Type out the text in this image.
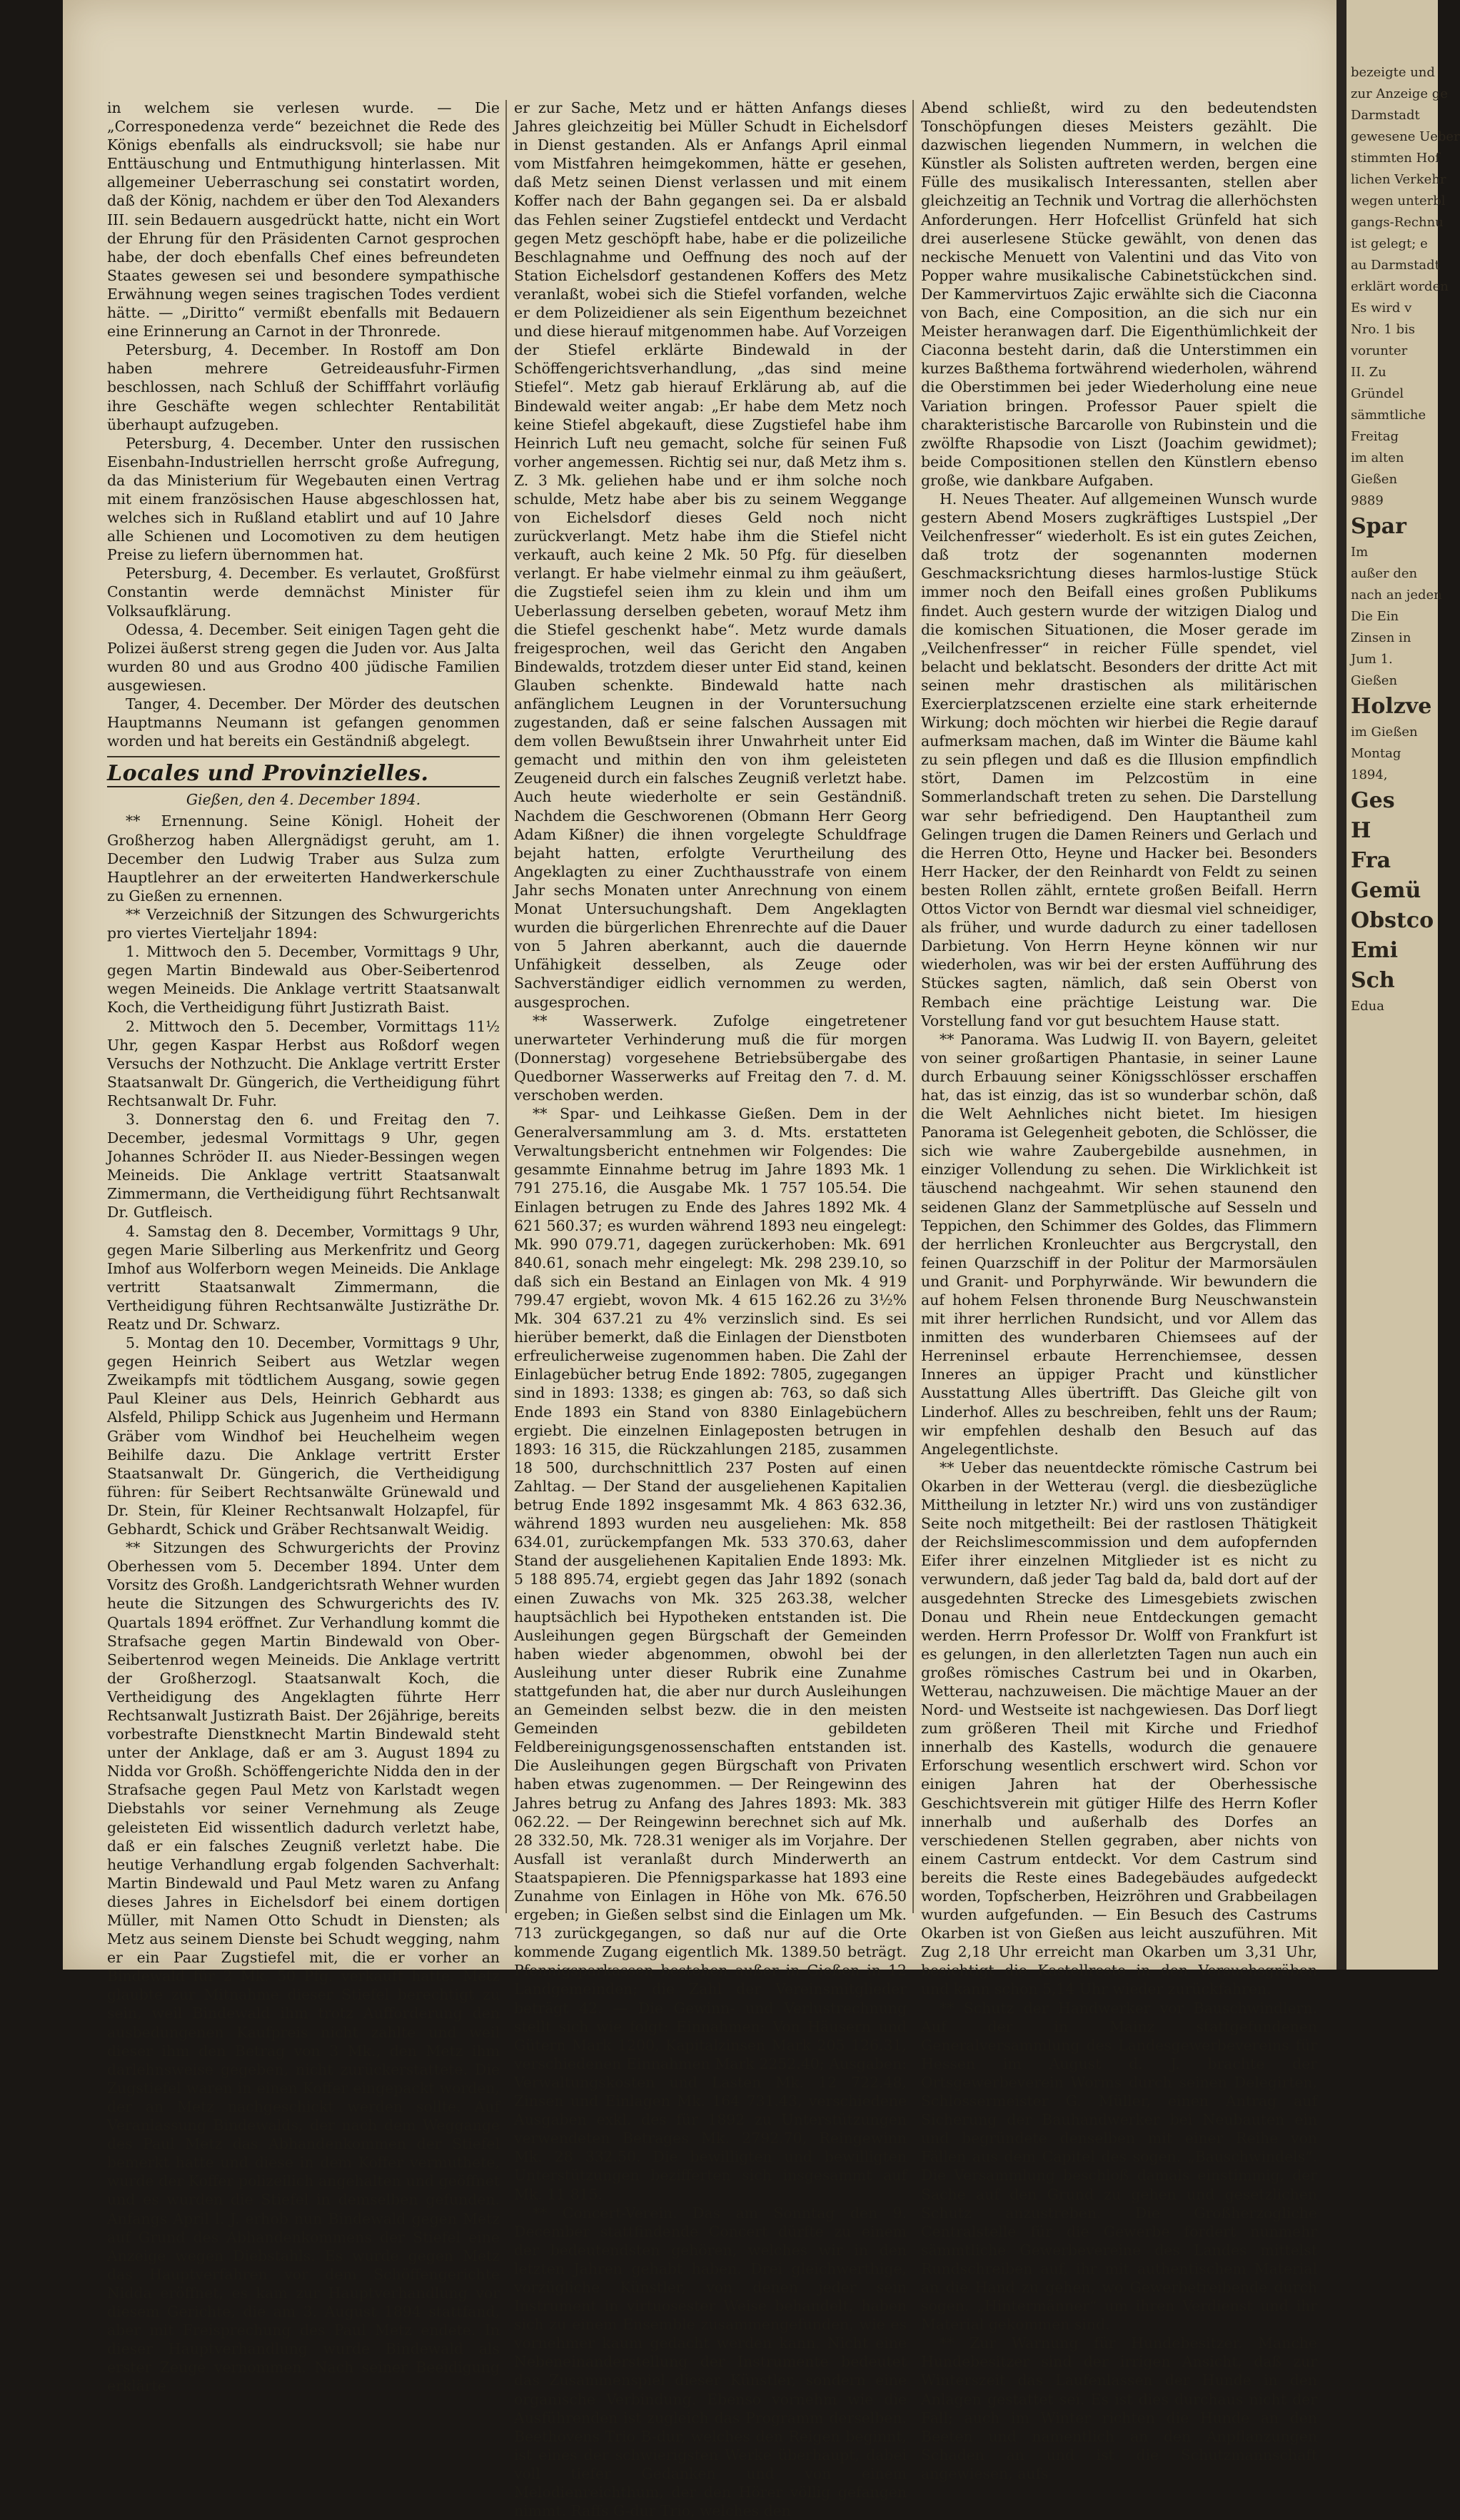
in welchem sie verlesen wurde. — Die „Corresponedenza verde“ bezeichnet die Rede des Königs ebenfalls als eindrucksvoll; sie habe nur Enttäuschung und Entmuthigung hinterlassen. Mit allgemeiner Ueberraschung sei constatirt worden, daß der König, nachdem er über den Tod Alexanders III. sein Bedauern ausgedrückt hatte, nicht ein Wort der Ehrung für den Präsidenten Carnot gesprochen habe, der doch ebenfalls Chef eines befreundeten Staates gewesen sei und besondere sympathische Erwähnung wegen seines tragischen Todes verdient hätte. — „Diritto“ vermißt ebenfalls mit Bedauern eine Erinnerung an Carnot in der Thronrede.

Petersburg, 4. December. In Rostoff am Don haben mehrere Getreideausfuhr-Firmen beschlossen, nach Schluß der Schifffahrt vorläufig ihre Geschäfte wegen schlechter Rentabilität überhaupt aufzugeben.

Petersburg, 4. December. Unter den russischen Eisenbahn-Industriellen herrscht große Aufregung, da das Ministerium für Wegebauten einen Vertrag mit einem französischen Hause abgeschlossen hat, welches sich in Rußland etablirt und auf 10 Jahre alle Schienen und Locomotiven zu dem heutigen Preise zu liefern übernommen hat.

Petersburg, 4. December. Es verlautet, Großfürst Constantin werde demnächst Minister für Volksaufklärung.

Odessa, 4. December. Seit einigen Tagen geht die Polizei äußerst streng gegen die Juden vor. Aus Jalta wurden 80 und aus Grodno 400 jüdische Familien ausgewiesen.

Tanger, 4. December. Der Mörder des deutschen Hauptmanns Neumann ist gefangen genommen worden und hat bereits ein Geständniß abgelegt.

Locales und Provinzielles.
Gießen, den 4. December 1894.

** Ernennung. Seine Königl. Hoheit der Großherzog haben Allergnädigst geruht, am 1. December den Ludwig Traber aus Sulza zum Hauptlehrer an der erweiterten Handwerkerschule zu Gießen zu ernennen.

** Verzeichniß der Sitzungen des Schwurgerichts pro viertes Vierteljahr 1894:

1. Mittwoch den 5. December, Vormittags 9 Uhr, gegen Martin Bindewald aus Ober-Seibertenrod wegen Meineids. Die Anklage vertritt Staatsanwalt Koch, die Vertheidigung führt Justizrath Baist.

2. Mittwoch den 5. December, Vormittags 11½ Uhr, gegen Kaspar Herbst aus Roßdorf wegen Versuchs der Nothzucht. Die Anklage vertritt Erster Staatsanwalt Dr. Güngerich, die Vertheidigung führt Rechtsanwalt Dr. Fuhr.

3. Donnerstag den 6. und Freitag den 7. December, jedesmal Vormittags 9 Uhr, gegen Johannes Schröder II. aus Nieder-Bessingen wegen Meineids. Die Anklage vertritt Staatsanwalt Zimmermann, die Vertheidigung führt Rechtsanwalt Dr. Gutfleisch.

4. Samstag den 8. December, Vormittags 9 Uhr, gegen Marie Silberling aus Merkenfritz und Georg Imhof aus Wolferborn wegen Meineids. Die Anklage vertritt Staatsanwalt Zimmermann, die Vertheidigung führen Rechtsanwälte Justizräthe Dr. Reatz und Dr. Schwarz.

5. Montag den 10. December, Vormittags 9 Uhr, gegen Heinrich Seibert aus Wetzlar wegen Zweikampfs mit tödtlichem Ausgang, sowie gegen Paul Kleiner aus Dels, Heinrich Gebhardt aus Alsfeld, Philipp Schick aus Jugenheim und Hermann Gräber vom Windhof bei Heuchelheim wegen Beihilfe dazu. Die Anklage vertritt Erster Staatsanwalt Dr. Güngerich, die Vertheidigung führen: für Seibert Rechtsanwälte Grünewald und Dr. Stein, für Kleiner Rechtsanwalt Holzapfel, für Gebhardt, Schick und Gräber Rechtsanwalt Weidig.

** Sitzungen des Schwurgerichts der Provinz Oberhessen vom 5. December 1894. Unter dem Vorsitz des Großh. Landgerichtsrath Wehner wurden heute die Sitzungen des Schwurgerichts des IV. Quartals 1894 eröffnet. Zur Verhandlung kommt die Strafsache gegen Martin Bindewald von Ober-Seibertenrod wegen Meineids. Die Anklage vertritt der Großherzogl. Staatsanwalt Koch, die Vertheidigung des Angeklagten führte Herr Rechtsanwalt Justizrath Baist. Der 26jährige, bereits vorbestrafte Dienstknecht Martin Bindewald steht unter der Anklage, daß er am 3. August 1894 zu Nidda vor Großh. Schöffengerichte Nidda den in der Strafsache gegen Paul Metz von Karlstadt wegen Diebstahls vor seiner Vernehmung als Zeuge geleisteten Eid wissentlich dadurch verletzt habe, daß er ein falsches Zeugniß verletzt habe. Die heutige Verhandlung ergab folgenden Sachverhalt: Martin Bindewald und Paul Metz waren zu Anfang dieses Jahres in Eichelsdorf bei einem dortigen Müller, mit Namen Otto Schudt in Diensten; als Metz aus seinem Dienste bei Schudt wegging, nahm er ein Paar Zugstiefel mit, die er vorher an Bindewald für 2 Mk. 50 Pfg. verkauft hatte. Metz glaubte zur Mitnahme dieser Stiefel berechtigt zu sein, weil Bindewald ihm trotz Aufforderung den ausbedungenen Kaufpreis nicht zahlte und weil dieser ihm den Betrag von 3 Mk., den Metz ihm darlehnsweise gegeben, nicht zurückerstattete. Die Zugstiefel waren in einen Koffer eingepackt worden, der an Metz nachgeschickt werden sollte. Auf Veranlassung Bindewalds, der nach dem Weggange des Paul Metz das Abhandenkommen der Stiefel bemerkt hatte und diese in dem Koffer vermuthete, wurde der Koffer polizeilich angehalten und geöffnet und es wurden die Stiefel in demselben gefunden. Anfangs April l. J. erhob nun Bindewald gegen Metz auf Grund des Abhandenkommens der Stiefel eine Anzeige wegen Diebstahls. Es wurde gegen Metz das Hauptverfahren vor dem Schöffengerichte Nidda eröffnet, es kam zur Hauptverhandlung vor diesem Gerichte, die am 3. August 1894 stattfand, aber mit Freisprechung des Paul Metz endete. In dieser Hauptverhandlung wurde Bindewald als erster Zeuge vernommen. Nach seiner Beeidigung erklärte

er zur Sache, Metz und er hätten Anfangs dieses Jahres gleichzeitig bei Müller Schudt in Eichelsdorf in Dienst gestanden. Als er Anfangs April einmal vom Mistfahren heimgekommen, hätte er gesehen, daß Metz seinen Dienst verlassen und mit einem Koffer nach der Bahn gegangen sei. Da er alsbald das Fehlen seiner Zugstiefel entdeckt und Verdacht gegen Metz geschöpft habe, habe er die polizeiliche Beschlagnahme und Oeffnung des noch auf der Station Eichelsdorf gestandenen Koffers des Metz veranlaßt, wobei sich die Stiefel vorfanden, welche er dem Polizeidiener als sein Eigenthum bezeichnet und diese hierauf mitgenommen habe. Auf Vorzeigen der Stiefel erklärte Bindewald in der Schöffengerichtsverhandlung, „das sind meine Stiefel“. Metz gab hierauf Erklärung ab, auf die Bindewald weiter angab: „Er habe dem Metz noch keine Stiefel abgekauft, diese Zugstiefel habe ihm Heinrich Luft neu gemacht, solche für seinen Fuß vorher angemessen. Richtig sei nur, daß Metz ihm s. Z. 3 Mk. geliehen habe und er ihm solche noch schulde, Metz habe aber bis zu seinem Weggange von Eichelsdorf dieses Geld noch nicht zurückverlangt. Metz habe ihm die Stiefel nicht verkauft, auch keine 2 Mk. 50 Pfg. für dieselben verlangt. Er habe vielmehr einmal zu ihm geäußert, die Zugstiefel seien ihm zu klein und ihm um Ueberlassung derselben gebeten, worauf Metz ihm die Stiefel geschenkt habe“. Metz wurde damals freigesprochen, weil das Gericht den Angaben Bindewalds, trotzdem dieser unter Eid stand, keinen Glauben schenkte. Bindewald hatte nach anfänglichem Leugnen in der Voruntersuchung zugestanden, daß er seine falschen Aussagen mit dem vollen Bewußtsein ihrer Unwahrheit unter Eid gemacht und mithin den von ihm geleisteten Zeugeneid durch ein falsches Zeugniß verletzt habe. Auch heute wiederholte er sein Geständniß. Nachdem die Geschworenen (Obmann Herr Georg Adam Kißner) die ihnen vorgelegte Schuldfrage bejaht hatten, erfolgte Verurtheilung des Angeklagten zu einer Zuchthausstrafe von einem Jahr sechs Monaten unter Anrechnung von einem Monat Untersuchungshaft. Dem Angeklagten wurden die bürgerlichen Ehrenrechte auf die Dauer von 5 Jahren aberkannt, auch die dauernde Unfähigkeit desselben, als Zeuge oder Sachverständiger eidlich vernommen zu werden, ausgesprochen.

** Wasserwerk. Zufolge eingetretener unerwarteter Verhinderung muß die für morgen (Donnerstag) vorgesehene Betriebsübergabe des Quedborner Wasserwerks auf Freitag den 7. d. M. verschoben werden.

** Spar- und Leihkasse Gießen. Dem in der Generalversammlung am 3. d. Mts. erstatteten Verwaltungsbericht entnehmen wir Folgendes: Die gesammte Einnahme betrug im Jahre 1893 Mk. 1 791 275.16, die Ausgabe Mk. 1 757 105.54. Die Einlagen betrugen zu Ende des Jahres 1892 Mk. 4 621 560.37; es wurden während 1893 neu eingelegt: Mk. 990 079.71, dagegen zurückerhoben: Mk. 691 840.61, sonach mehr eingelegt: Mk. 298 239.10, so daß sich ein Bestand an Einlagen von Mk. 4 919 799.47 ergiebt, wovon Mk. 4 615 162.26 zu 3½% Mk. 304 637.21 zu 4% verzinslich sind. Es sei hierüber bemerkt, daß die Einlagen der Dienstboten erfreulicherweise zugenommen haben. Die Zahl der Einlagebücher betrug Ende 1892: 7805, zugegangen sind in 1893: 1338; es gingen ab: 763, so daß sich Ende 1893 ein Stand von 8380 Einlagebüchern ergiebt. Die einzelnen Einlageposten betrugen in 1893: 16 315, die Rückzahlungen 2185, zusammen 18 500, durchschnittlich 237 Posten auf einen Zahltag. — Der Stand der ausgeliehenen Kapitalien betrug Ende 1892 insgesammt Mk. 4 863 632.36, während 1893 wurden neu ausgeliehen: Mk. 858 634.01, zurückempfangen Mk. 533 370.63, daher Stand der ausgeliehenen Kapitalien Ende 1893: Mk. 5 188 895.74, ergiebt gegen das Jahr 1892 (sonach einen Zuwachs von Mk. 325 263.38, welcher hauptsächlich bei Hypotheken entstanden ist. Die Ausleihungen gegen Bürgschaft der Gemeinden haben wieder abgenommen, obwohl bei der Ausleihung unter dieser Rubrik eine Zunahme stattgefunden hat, die aber nur durch Ausleihungen an Gemeinden selbst bezw. die in den meisten Gemeinden gebildeten Feldbereinigungsgenossenschaften entstanden ist. Die Ausleihungen gegen Bürgschaft von Privaten haben etwas zugenommen. — Der Reingewinn des Jahres betrug zu Anfang des Jahres 1893: Mk. 383 062.22. — Der Reingewinn berechnet sich auf Mk. 28 332.50, Mk. 728.31 weniger als im Vorjahre. Der Ausfall ist veranlaßt durch Minderwerth an Staatspapieren. Die Pfennigsparkasse hat 1893 eine Zunahme von Einlagen in Höhe von Mk. 676.50 ergeben; in Gießen selbst sind die Einlagen um Mk. 713 zurückgegangen, so daß nur auf die Orte kommende Zugang eigentlich Mk. 1389.50 beträgt. Pfennigsparkassen bestehen außer in Gießen in 12 Landgemeinden; die Zahl der Vereinsmitglieder beträgt 42. — Die Gewinn- und Verlustrechnung stellt sich wie folgt: Einnahmen: Von Häusern und Gütern Mark 1200, Kapitalzinsen Mark 205 126.31, verschiedenen Einnahmen Mark 2252.40; Ausgaben: Verwaltungskosten und Lasten Mk. 12 722.48, Zinsen und Einlagen Mk. 164 731.43, verschiedene Ausgaben exkl. des für 1892 zu Unterstützungen verwendeten Betrages Mk. 2792.70, Reingewinn Mk. 28 332.50. Die bewilligten und bewilligten Unterstützungen bezifferten sich insgesammt auf Mk. 11 815.

** Concert-Verein. Das am Sonntag den 9. December stattfindende Concert dürfte zu einem der bedeutendsten gehören, welches wir in den letzten Jahren gehabt haben. Drei gleichwerthige, vorzügliche Künstler, von denen jeder sein Instrument in virtuosester Weise behandelt, haben sich zu einem Ensemble zusammengefunden, wie es vornehmer kaum gedacht werden kann. Nicht eine Nebeneinanderstellung der Instrumente bedeutet das Zusammenspiel dieser Künstler, sondern eine organische Verbindung. Ebenso vornehm wie die Ausführenden ist zugleich das Programm derselben. Beethovens Trio B-dur, welches den Reigen beginnt, ist eines der schwierigsten Werke überhaupt, dabei voll tiefer Gedanken und von einem Melodienreichthum, der den Hörer völlig gefangen nimmt. Raffs G-dur Trio, welches den

Abend schließt, wird zu den bedeutendsten Tonschöpfungen dieses Meisters gezählt. Die dazwischen liegenden Nummern, in welchen die Künstler als Solisten auftreten werden, bergen eine Fülle des musikalisch Interessanten, stellen aber gleichzeitig an Technik und Vortrag die allerhöchsten Anforderungen. Herr Hofcellist Grünfeld hat sich drei auserlesene Stücke gewählt, von denen das neckische Menuett von Valentini und das Vito von Popper wahre musikalische Cabinetstückchen sind. Der Kammervirtuos Zajic erwählte sich die Ciaconna von Bach, eine Composition, an die sich nur ein Meister heranwagen darf. Die Eigenthümlichkeit der Ciaconna besteht darin, daß die Unterstimmen ein kurzes Baßthema fortwährend wiederholen, während die Oberstimmen bei jeder Wiederholung eine neue Variation bringen. Professor Pauer spielt die charakteristische Barcarolle von Rubinstein und die zwölfte Rhapsodie von Liszt (Joachim gewidmet); beide Compositionen stellen den Künstlern ebenso große, wie dankbare Aufgaben.

H. Neues Theater. Auf allgemeinen Wunsch wurde gestern Abend Mosers zugkräftiges Lustspiel „Der Veilchenfresser“ wiederholt. Es ist ein gutes Zeichen, daß trotz der sogenannten modernen Geschmacksrichtung dieses harmlos-lustige Stück immer noch den Beifall eines großen Publikums findet. Auch gestern wurde der witzigen Dialog und die komischen Situationen, die Moser gerade im „Veilchenfresser“ in reicher Fülle spendet, viel belacht und beklatscht. Besonders der dritte Act mit seinen mehr drastischen als militärischen Exercierplatzscenen erzielte eine stark erheiternde Wirkung; doch möchten wir hierbei die Regie darauf aufmerksam machen, daß im Winter die Bäume kahl zu sein pflegen und daß es die Illusion empfindlich stört, Damen im Pelzcostüm in eine Sommerlandschaft treten zu sehen. Die Darstellung war sehr befriedigend. Den Hauptantheil zum Gelingen trugen die Damen Reiners und Gerlach und die Herren Otto, Heyne und Hacker bei. Besonders Herr Hacker, der den Reinhardt von Feldt zu seinen besten Rollen zählt, erntete großen Beifall. Herrn Ottos Victor von Berndt war diesmal viel schneidiger, als früher, und wurde dadurch zu einer tadellosen Darbietung. Von Herrn Heyne können wir nur wiederholen, was wir bei der ersten Aufführung des Stückes sagten, nämlich, daß sein Oberst von Rembach eine prächtige Leistung war. Die Vorstellung fand vor gut besuchtem Hause statt.

** Panorama. Was Ludwig II. von Bayern, geleitet von seiner großartigen Phantasie, in seiner Laune durch Erbauung seiner Königsschlösser erschaffen hat, das ist einzig, das ist so wunderbar schön, daß die Welt Aehnliches nicht bietet. Im hiesigen Panorama ist Gelegenheit geboten, die Schlösser, die sich wie wahre Zaubergebilde ausnehmen, in einziger Vollendung zu sehen. Die Wirklichkeit ist täuschend nachgeahmt. Wir sehen staunend den seidenen Glanz der Sammetplüsche auf Sesseln und Teppichen, den Schimmer des Goldes, das Flimmern der herrlichen Kronleuchter aus Bergcrystall, den feinen Quarzschiff in der Politur der Marmorsäulen und Granit- und Porphyrwände. Wir bewundern die auf hohem Felsen thronende Burg Neuschwanstein mit ihrer herrlichen Rundsicht, und vor Allem das inmitten des wunderbaren Chiemsees auf der Herreninsel erbaute Herrenchiemsee, dessen Inneres an üppiger Pracht und künstlicher Ausstattung Alles übertrifft. Das Gleiche gilt von Linderhof. Alles zu beschreiben, fehlt uns der Raum; wir empfehlen deshalb den Besuch auf das Angelegentlichste.

** Ueber das neuentdeckte römische Castrum bei Okarben in der Wetterau (vergl. die diesbezügliche Mittheilung in letzter Nr.) wird uns von zuständiger Seite noch mitgetheilt: Bei der rastlosen Thätigkeit der Reichslimescommission und dem aufopfernden Eifer ihrer einzelnen Mitglieder ist es nicht zu verwundern, daß jeder Tag bald da, bald dort auf der ausgedehnten Strecke des Limesgebiets zwischen Donau und Rhein neue Entdeckungen gemacht werden. Herrn Professor Dr. Wolff von Frankfurt ist es gelungen, in den allerletzten Tagen nun auch ein großes römisches Castrum bei und in Okarben, Wetterau, nachzuweisen. Die mächtige Mauer an der Nord- und Westseite ist nachgewiesen. Das Dorf liegt zum größeren Theil mit Kirche und Friedhof innerhalb des Kastells, wodurch die genauere Erforschung wesentlich erschwert wird. Schon vor einigen Jahren hat der Oberhessische Geschichtsverein mit gütiger Hilfe des Herrn Kofler innerhalb und außerhalb des Dorfes an verschiedenen Stellen gegraben, aber nichts von einem Castrum entdeckt. Vor dem Castrum sind bereits die Reste eines Badegebäudes aufgedeckt worden, Topfscherben, Heizröhren und Grabbeilagen wurden aufgefunden. — Ein Besuch des Castrums Okarben ist von Gießen aus leicht auszuführen. Mit Zug 2,18 Uhr erreicht man Okarben um 3,31 Uhr, besichtigt die Kastellreste in den Versuchsgräben und kann schon 5,14 Uhr wieder zurückfahren.

** Schutz der Handwerker vor Bauschwindlern. Auf der in Mainz stattgefundenen Generalversammlung des Landesgewerbevereins für Hessen im August d. J. brachte der Ortsgewerbeverein Worms durch seinen Delegirten, Schlossermeister G. Müller, einen Antrag auf Sicherung der Bauhandwerker bei Neubauten ein und begründete denselben mit einer Reihe von Fällen aus dem Capitel des sogen. „Bauschwindels“. Die Versammlung beschloß damals einstimmig, der Sache auf den Grund zu gehen und gesetzlichen Schutz anzustreben. Die Großherzogliche Centralstelle für die Gewerbe fordert nunmehr sämmtliche Gewerbevereine des Landes mittelst Rundschreiben auf, ihr mit authentischem Material an die Hand zu gehen, wo Gewerbetreibende durch sogen. „Hintermänner“ um ihren Verdienst und ihr Material gekommen sind.

** Zur Warnung für Hundebesitzer. Manche Hundebesitzer sind der irrigen Ansicht, daß zur Winterszeit das Laufenlassen der Hunde in den Anlagen gestattet sei. Es ist dies durchaus nicht der Fall; auch im Winter richten die Hunde an den Beeten und namentlich an den Anpflanzungen Schaden an und ist die Schutzmannschaft angewiesen, aufs

bezeigte und
zur Anzeige ge
Darmstadt
gewesene Ueber
stimmten Hof
lichen Verkehr
wegen unterbl
gangs-Rechnu
ist gelegt; e
au Darmstadt
erklärt worden
Es wird v
Nro. 1 bis
vorunter
II. Zu
Gründel
sämmtliche
Freitag
im alten
Gießen
9889
Spar
Im
außer den
nach an jeden
Die Ein
Zinsen in
Jum 1.
Gießen
Holzve
im Gießen
Montag
1894,
Ges
H
Fra
Gemü
Obstco
Emi
Sch
Edua
